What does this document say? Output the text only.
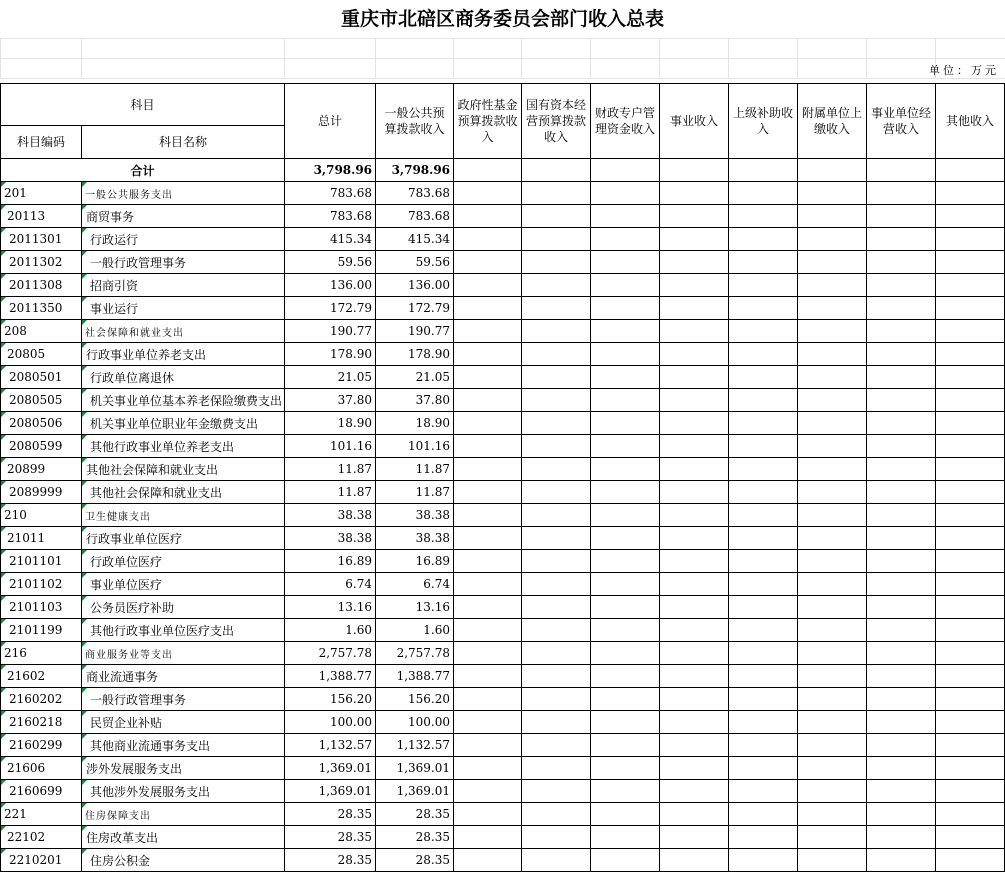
重庆市北碚区商务委员会部门收入总表

单位：万元
科目		总计	一般公共预算拨款收入	政府性基金预算拨款收入	国有资本经营预算拨款收入	财政专户管理资金收入	事业收入	上级补助收入	附属单位上缴收入	事业单位经营收入	其他收入
科目编码	科目名称										
合计		3,798.96	3,798.96								

201	一般公共服务支出	783.68	783.68								

20113	商贸事务	783.68	783.68								

2011301	行政运行	415.34	415.34								

2011302	一般行政管理事务	59.56	59.56								

2011308	招商引资	136.00	136.00								

2011350	事业运行	172.79	172.79								

208	社会保障和就业支出	190.77	190.77								

20805	行政事业单位养老支出	178.90	178.90								

2080501	行政单位离退休	21.05	21.05								

2080505	机关事业单位基本养老保险缴费支出	37.80	37.80								

2080506	机关事业单位职业年金缴费支出	18.90	18.90								

2080599	其他行政事业单位养老支出	101.16	101.16								

20899	其他社会保障和就业支出	11.87	11.87								

2089999	其他社会保障和就业支出	11.87	11.87								

210	卫生健康支出	38.38	38.38								

21011	行政事业单位医疗	38.38	38.38								

2101101	行政单位医疗	16.89	16.89								

2101102	事业单位医疗	6.74	6.74								

2101103	公务员医疗补助	13.16	13.16								

2101199	其他行政事业单位医疗支出	1.60	1.60								

216	商业服务业等支出	2,757.78	2,757.78								

21602	商业流通事务	1,388.77	1,388.77								

2160202	一般行政管理事务	156.20	156.20								

2160218	民贸企业补贴	100.00	100.00								

2160299	其他商业流通事务支出	1,132.57	1,132.57								

21606	涉外发展服务支出	1,369.01	1,369.01								

2160699	其他涉外发展服务支出	1,369.01	1,369.01								

221	住房保障支出	28.35	28.35								

22102	住房改革支出	28.35	28.35								

2210201	住房公积金	28.35	28.35								
